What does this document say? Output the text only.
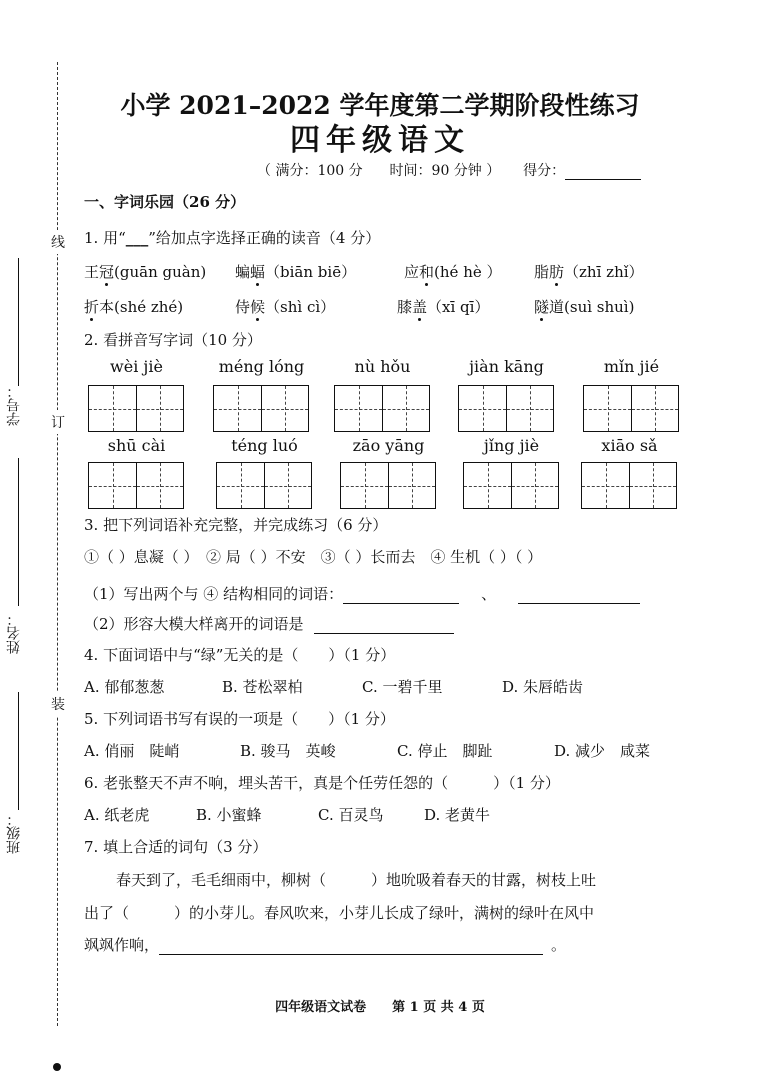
线
订
装
学号：
姓名：
班级：
小学 2021–2022 学年度第二学期阶段性练习
四年级语文
（ 满分：100 分 时间：90 分钟 ） 得分：
一、字词乐园（26 分）
1. 用“___”给加点字选择正确的读音（4 分）
王冠(guān guàn) 蝙蝠（biān biē）	应和(hé hè ） 脂肪（zhī zhǐ）
折本(shé zhé)	侍候（shì cì）	膝盖（xī qī）	隧道(suì shuì)
2. 看拼音写字词（10 分）
wèi jiè	méng lóng	nù hǒu	jiàn kāng	mǐn jié
shū cài	téng luó	zāo yāng	jǐng jiè	xiāo sǎ
3. 把下列词语补充完整，并完成练习（6 分）
①（ ）息凝（ ）　② 局（ ）不安　③（ ）长而去　④ 生机（ ）（ ）
（1）写出两个与 ④ 结构相同的词语：	、
（2）形容大模大样离开的词语是
4. 下面词语中与“绿”无关的是（　　）（1 分）
A. 郁郁葱葱	B. 苍松翠柏	C. 一碧千里	D. 朱唇皓齿
5. 下列词语书写有误的一项是（　　）（1 分）
A. 俏丽　陡峭	B. 骏马　英峻	C. 停止　脚趾	D. 减少　咸菜
6. 老张整天不声不响，埋头苦干，真是个任劳任怨的（　　　）（1 分）
A. 纸老虎	B. 小蜜蜂	C. 百灵鸟	D. 老黄牛
7. 填上合适的词句（3 分）
春天到了，毛毛细雨中，柳树（　　　）地吮吸着春天的甘露，树枝上吐
出了（　　　）的小芽儿。春风吹来，小芽儿长成了绿叶，满树的绿叶在风中
飒飒作响，	。
四年级语文试卷　　第 1 页 共 4 页
